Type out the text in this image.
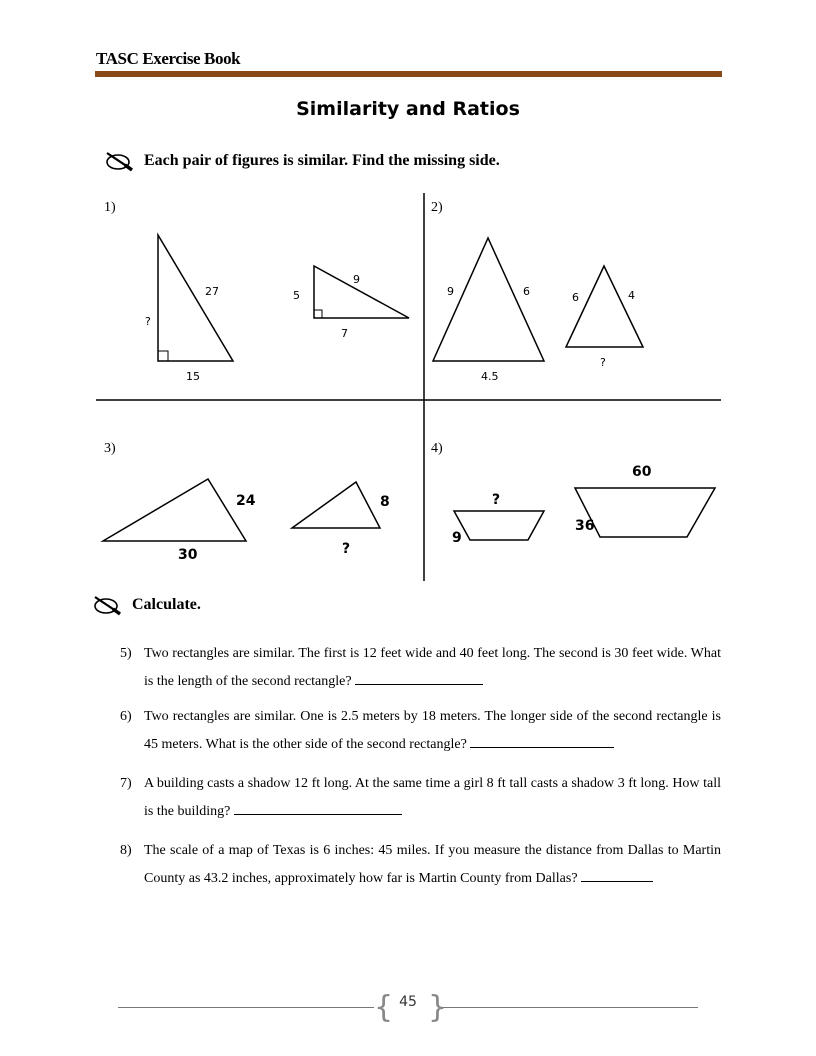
TASC Exercise Book
Similarity and Ratios
Each pair of figures is similar. Find the missing side.
1)
27
?
15
9
5
7
2)
9	6
4.5
6	4
?
3)
24
30
8
?
4)
?
9
60
36
Calculate.
5) Two rectangles are similar. The first is 12 feet wide and 40 feet long. The second is 30 feet wide. What is the length of the second rectangle?
6) Two rectangles are similar. One is 2.5 meters by 18 meters. The longer side of the second rectangle is 45 meters. What is the other side of the second rectangle?
7) A building casts a shadow 12 ft long. At the same time a girl 8 ft tall casts a shadow 3 ft long. How tall is the building?
8) The scale of a map of Texas is 6 inches: 45 miles. If you measure the distance from Dallas to Martin County as 43.2 inches, approximately how far is Martin County from Dallas?
{ }
45
